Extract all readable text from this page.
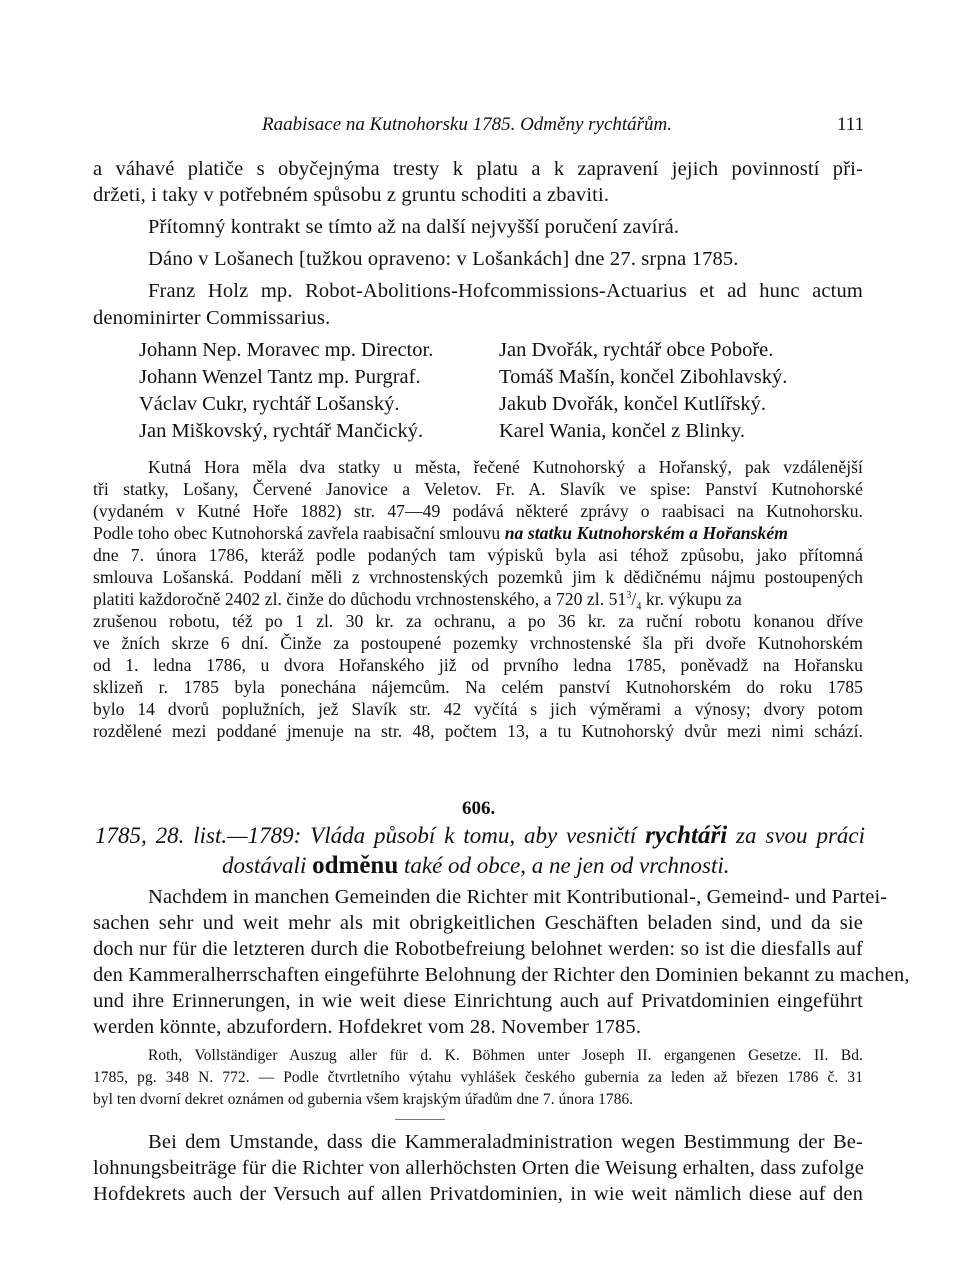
Raabisace na Kutnohorsku 1785. Odměny rychtářům.	111
a váhavé platiče s obyčejnýma tresty k platu a k zapravení jejich povinností při-
držeti, i taky v potřebném spůsobu z gruntu schoditi a zbaviti.
Přítomný kontrakt se tímto až na další nejvyšší poručení zavírá.
Dáno v Lošanech [tužkou opraveno: v Lošankách] dne 27. srpna 1785.
Franz Holz mp. Robot-Abolitions-Hofcommissions-Actuarius et ad hunc actum
denominirter Commissarius.
Johann Nep. Moravec mp. Director.
Johann Wenzel Tantz mp. Purgraf.
Václav Cukr, rychtář Lošanský.
Jan Miškovský, rychtář Mančický.
Jan Dvořák, rychtář obce Poboře.
Tomáš Mašín, končel Zibohlavský.
Jakub Dvořák, končel Kutlířský.
Karel Wania, končel z Blinky.
Kutná Hora měla dva statky u města, řečené Kutnohorský a Hořanský, pak vzdálenější
tři statky, Lošany, Červené Janovice a Veletov. Fr. A. Slavík ve spise: Panství Kutnohorské
(vydaném v Kutné Hoře 1882) str. 47—49 podává některé zprávy o raabisaci na Kutnohorsku.
Podle toho obec Kutnohorská zavřela raabisační smlouvu na statku Kutnohorském a Hořanském
dne 7. února 1786, kteráž podle podaných tam výpisků byla asi téhož způsobu, jako přítomná
smlouva Lošanská. Poddaní měli z vrchnostenských pozemků jim k dědičnému nájmu postoupených
platiti každoročně 2402 zl. činže do důchodu vrchnostenského, a 720 zl. $51^3/_4$ kr. výkupu za
zrušenou robotu, též po 1 zl. 30 kr. za ochranu, a po 36 kr. za ruční robotu konanou dříve
ve žních skrze 6 dní. Činže za postoupené pozemky vrchnostenské šla při dvoře Kutnohorském
od 1. ledna 1786, u dvora Hořanského již od prvního ledna 1785, poněvadž na Hořansku
sklizeň r. 1785 byla ponechána nájemcům. Na celém panství Kutnohorském do roku 1785
bylo 14 dvorů poplužních, jež Slavík str. 42 vyčítá s jich výměrami a výnosy; dvory potom
rozdělené mezi poddané jmenuje na str. 48, počtem 13, a tu Kutnohorský dvůr mezi nimi schází.
606.
1785, 28. list.—1789: Vláda působí k tomu, aby vesničtí rychtáři za svou práci
dostávali odměnu také od obce, a ne jen od vrchnosti.
Nachdem in manchen Gemeinden die Richter mit Kontributional-, Gemeind- und Partei-
sachen sehr und weit mehr als mit obrigkeitlichen Geschäften beladen sind, und da sie
doch nur für die letzteren durch die Robotbefreiung belohnet werden: so ist die diesfalls auf
den Kammeralherrschaften eingeführte Belohnung der Richter den Dominien bekannt zu machen,
und ihre Erinnerungen, in wie weit diese Einrichtung auch auf Privatdominien eingeführt
werden könnte, abzufordern. Hofdekret vom 28. November 1785.
Roth, Vollständiger Auszug aller für d. K. Böhmen unter Joseph II. ergangenen Gesetze. II. Bd.
1785, pg. 348 N. 772. — Podle čtvrtletního výtahu vyhlášek českého gubernia za leden až březen 1786 č. 31
byl ten dvorní dekret oznámen od gubernia všem krajským úřadům dne 7. února 1786.
Bei dem Umstande, dass die Kammeraladministration wegen Bestimmung der Be-
lohnungsbeiträge für die Richter von allerhöchsten Orten die Weisung erhalten, dass zufolge
Hofdekrets auch der Versuch auf allen Privatdominien, in wie weit nämlich diese auf den
